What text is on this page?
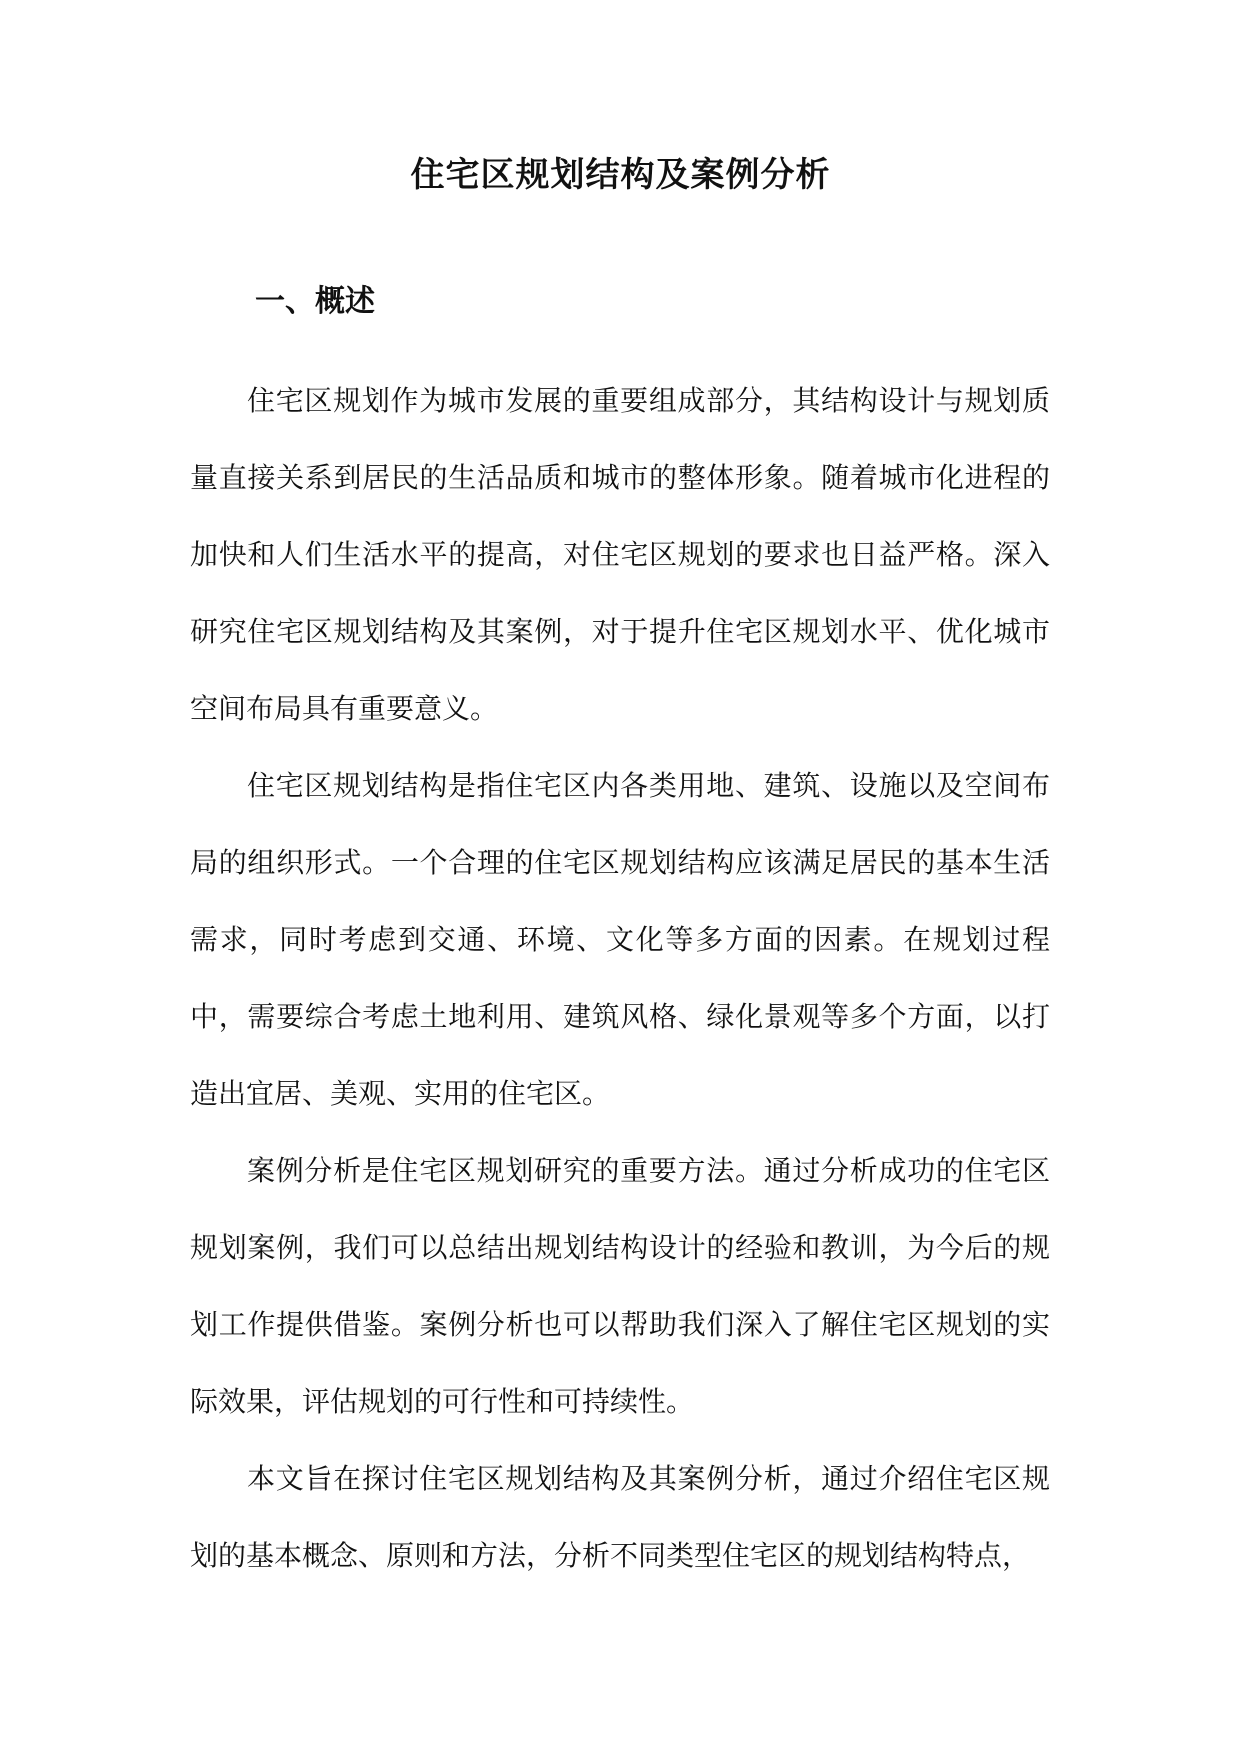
住宅区规划结构及案例分析
一、概述

住宅区规划作为城市发展的重要组成部分，其结构设计与规划质量直接关系到居民的生活品质和城市的整体形象。随着城市化进程的加快和人们生活水平的提高，对住宅区规划的要求也日益严格。深入研究住宅区规划结构及其案例，对于提升住宅区规划水平、优化城市空间布局具有重要意义。

住宅区规划结构是指住宅区内各类用地、建筑、设施以及空间布局的组织形式。一个合理的住宅区规划结构应该满足居民的基本生活需求，同时考虑到交通、环境、文化等多方面的因素。在规划过程中，需要综合考虑土地利用、建筑风格、绿化景观等多个方面，以打造出宜居、美观、实用的住宅区。

案例分析是住宅区规划研究的重要方法。通过分析成功的住宅区规划案例，我们可以总结出规划结构设计的经验和教训，为今后的规划工作提供借鉴。案例分析也可以帮助我们深入了解住宅区规划的实际效果，评估规划的可行性和可持续性。

本文旨在探讨住宅区规划结构及其案例分析，通过介绍住宅区规划的基本概念、原则和方法，分析不同类型住宅区的规划结构特点，
